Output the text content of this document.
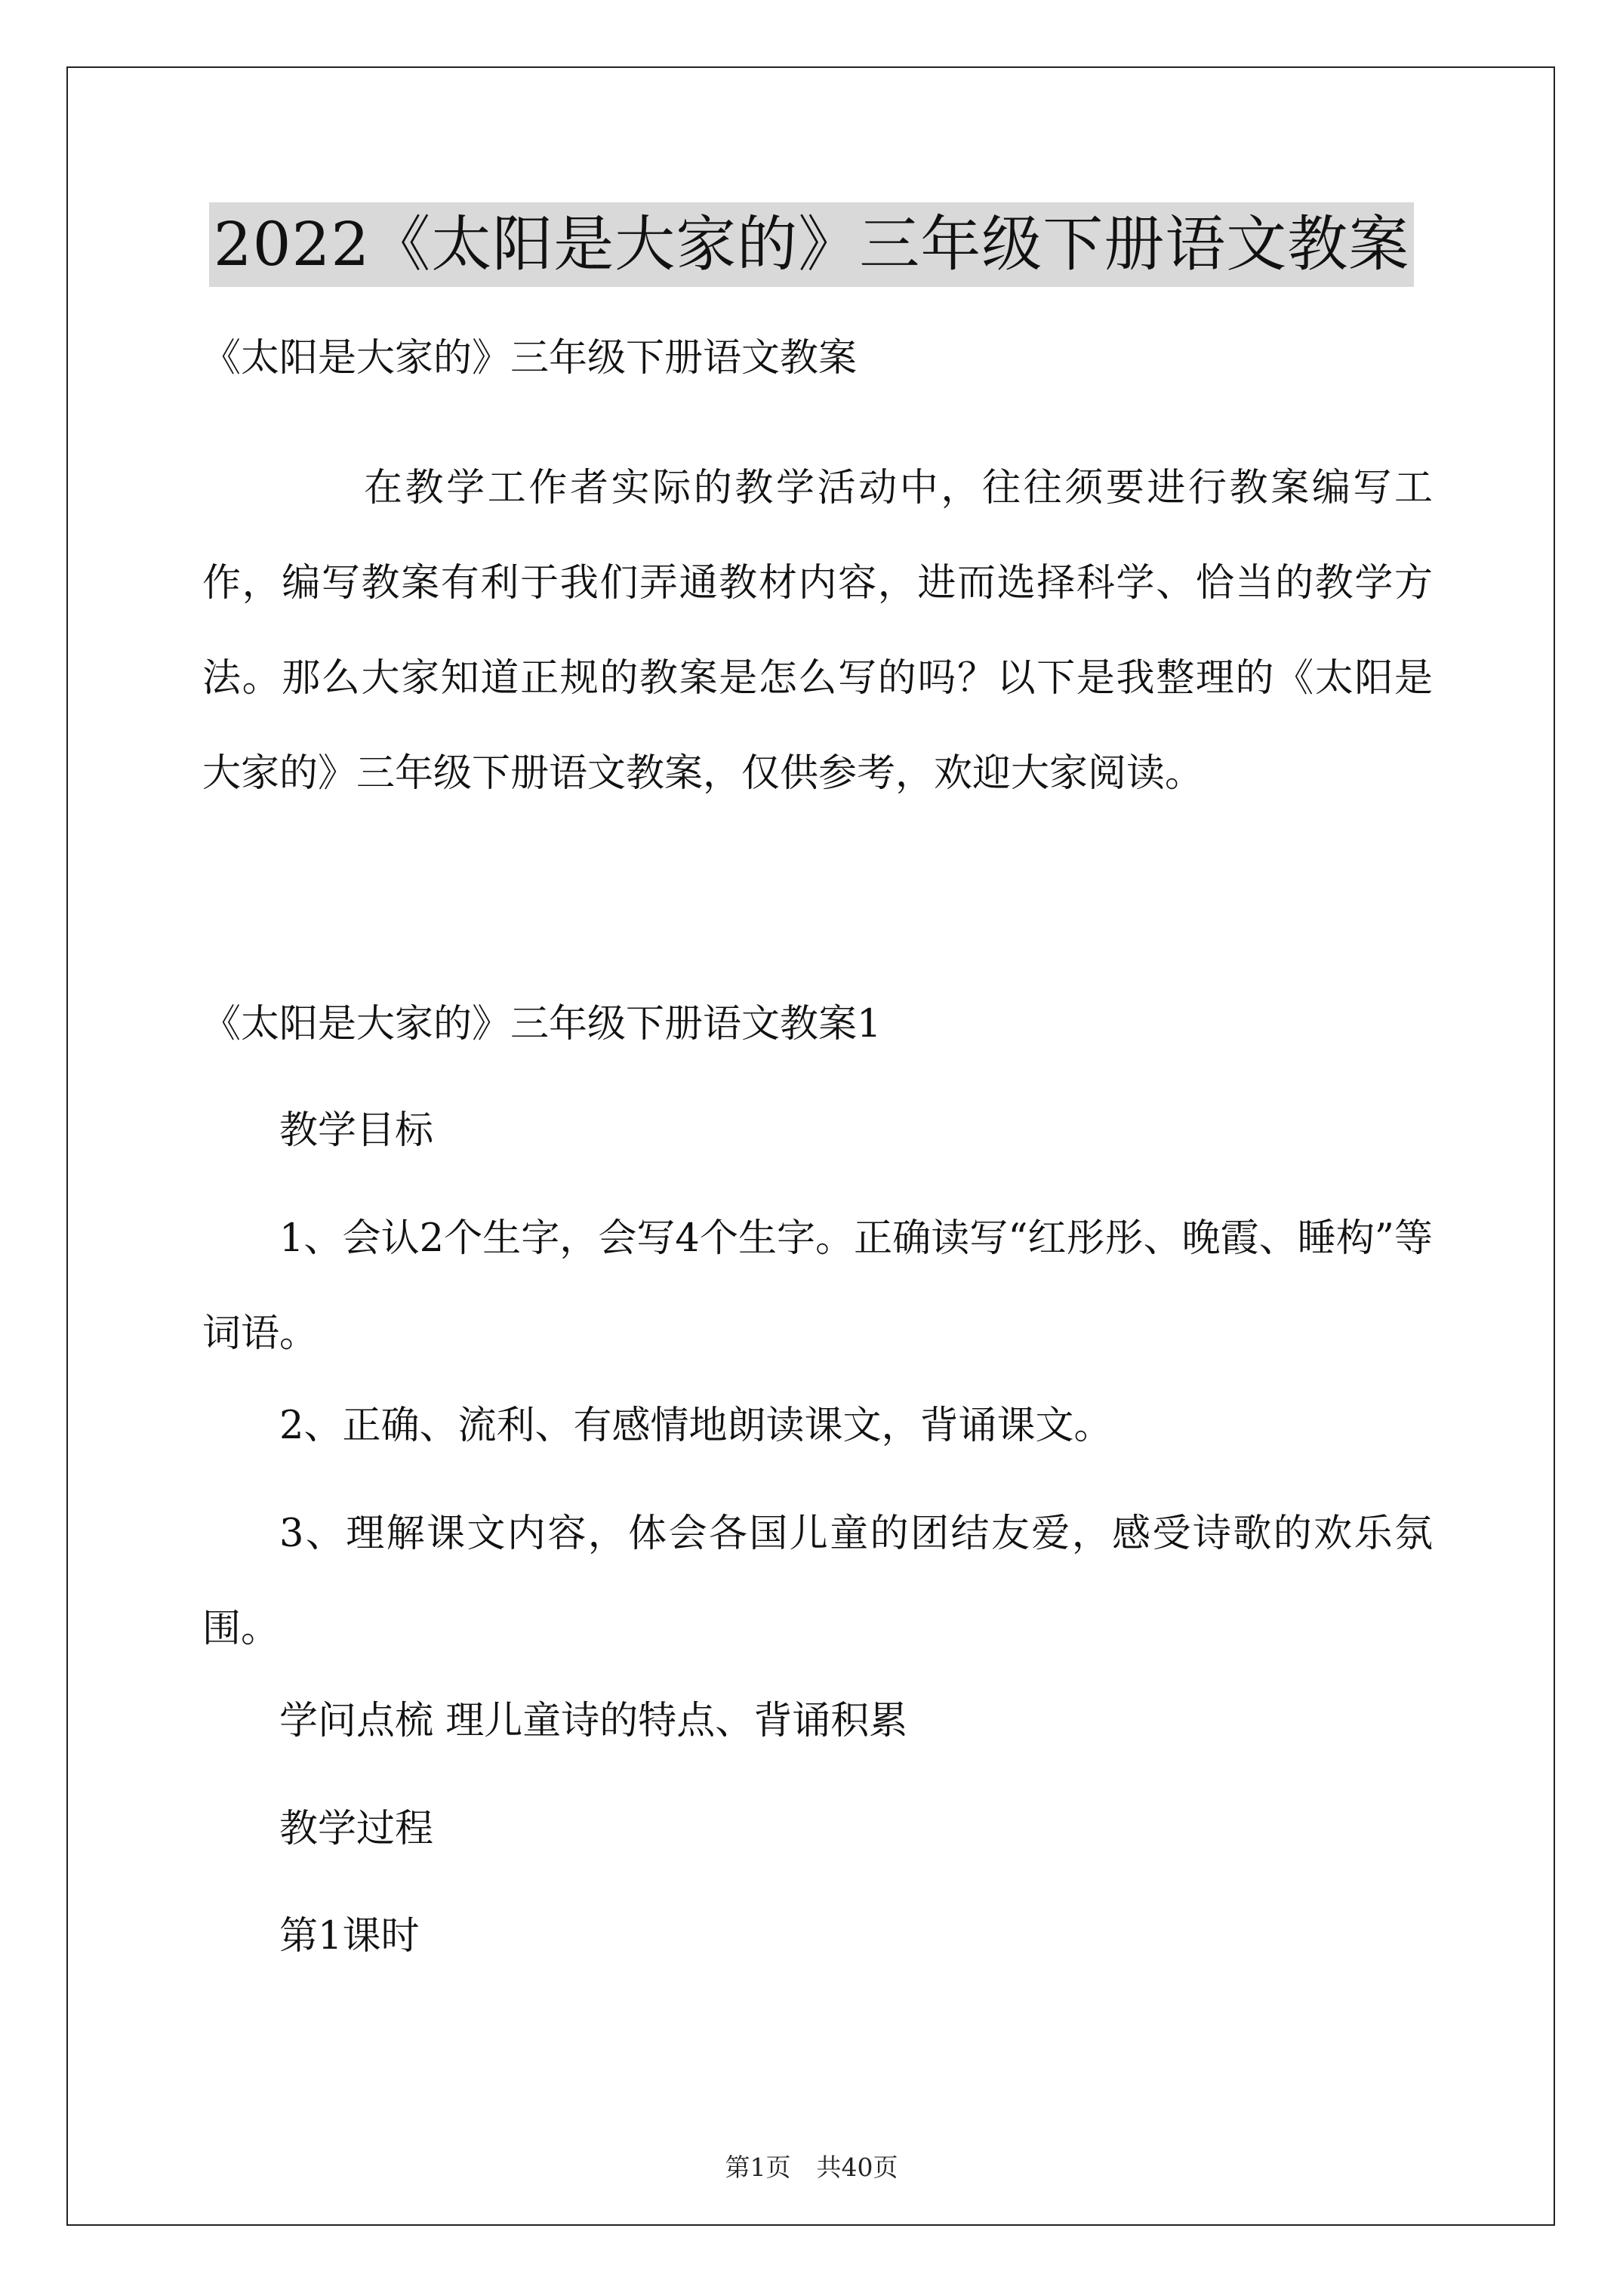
2022《太阳是大家的》三年级下册语文教案
《太阳是大家的》三年级下册语文教案

在教学工作者实际的教学活动中，往往须要进行教案编写工作，编写教案有利于我们弄通教材内容，进而选择科学、恰当的教学方法。那么大家知道正规的教案是怎么写的吗？以下是我整理的《太阳是大家的》三年级下册语文教案，仅供参考，欢迎大家阅读。

《太阳是大家的》三年级下册语文教案1
教学目标

1、会认2个生字，会写4个生字。正确读写“红彤彤、晚霞、睡构”等词语。

2、正确、流利、有感情地朗读课文，背诵课文。

3、理解课文内容，体会各国儿童的团结友爱，感受诗歌的欢乐氛围。

学问点梳 理儿童诗的特点、背诵积累
教学过程
第1课时
第1页 共40页
